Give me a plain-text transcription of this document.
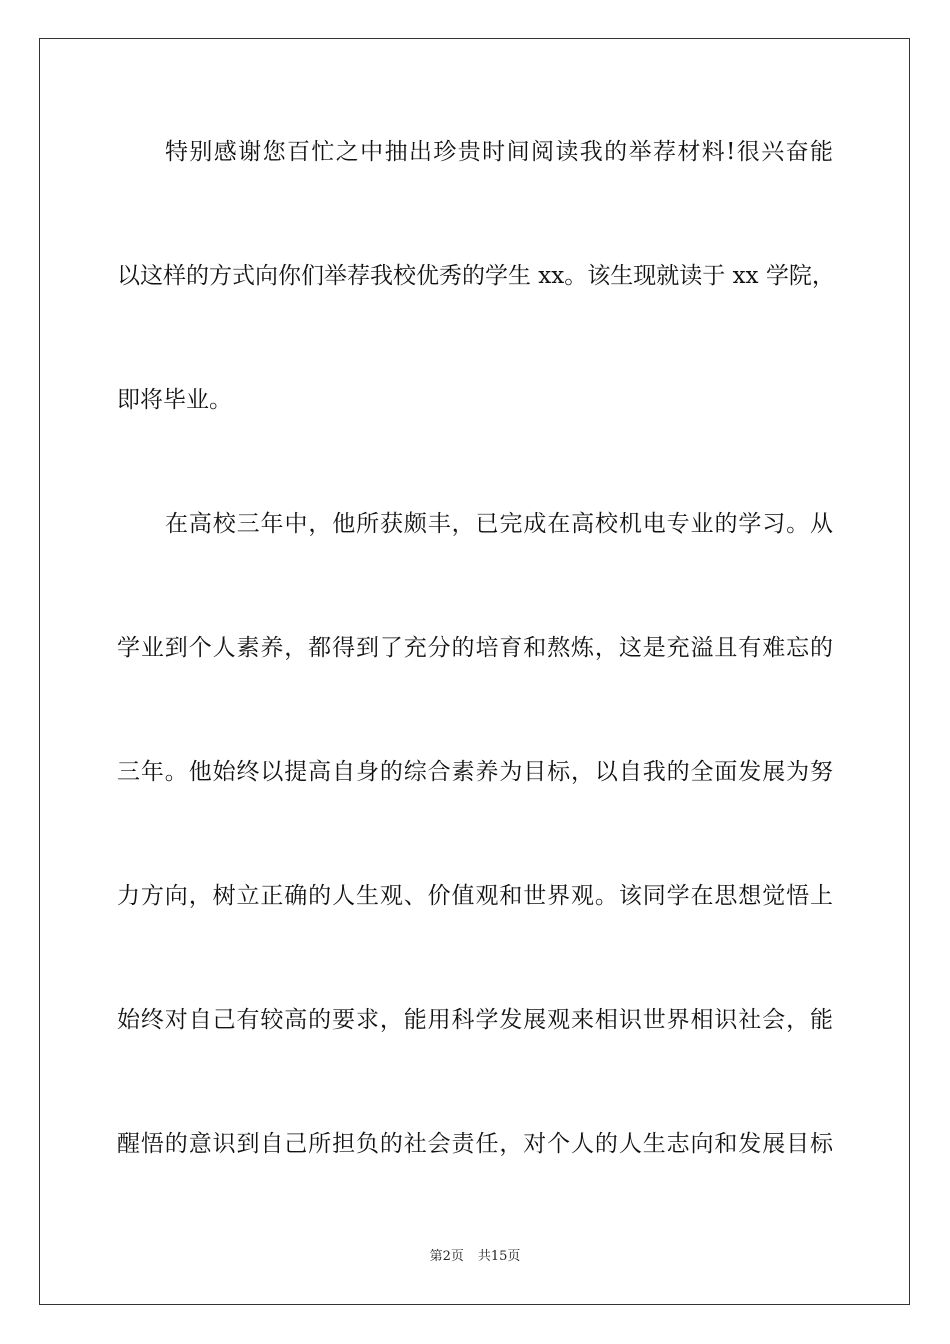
特别感谢您百忙之中抽出珍贵时间阅读我的举荐材料!很兴奋能
以这样的方式向你们举荐我校优秀的学生 xx。该生现就读于 xx 学院，
即将毕业。
在高校三年中，他所获颇丰，已完成在高校机电专业的学习。从
学业到个人素养，都得到了充分的培育和熬炼，这是充溢且有难忘的
三年。他始终以提高自身的综合素养为目标，以自我的全面发展为努
力方向，树立正确的人生观、价值观和世界观。该同学在思想觉悟上
始终对自己有较高的要求，能用科学发展观来相识世界相识社会，能
醒悟的意识到自己所担负的社会责任，对个人的人生志向和发展目标
第2页 共15页
